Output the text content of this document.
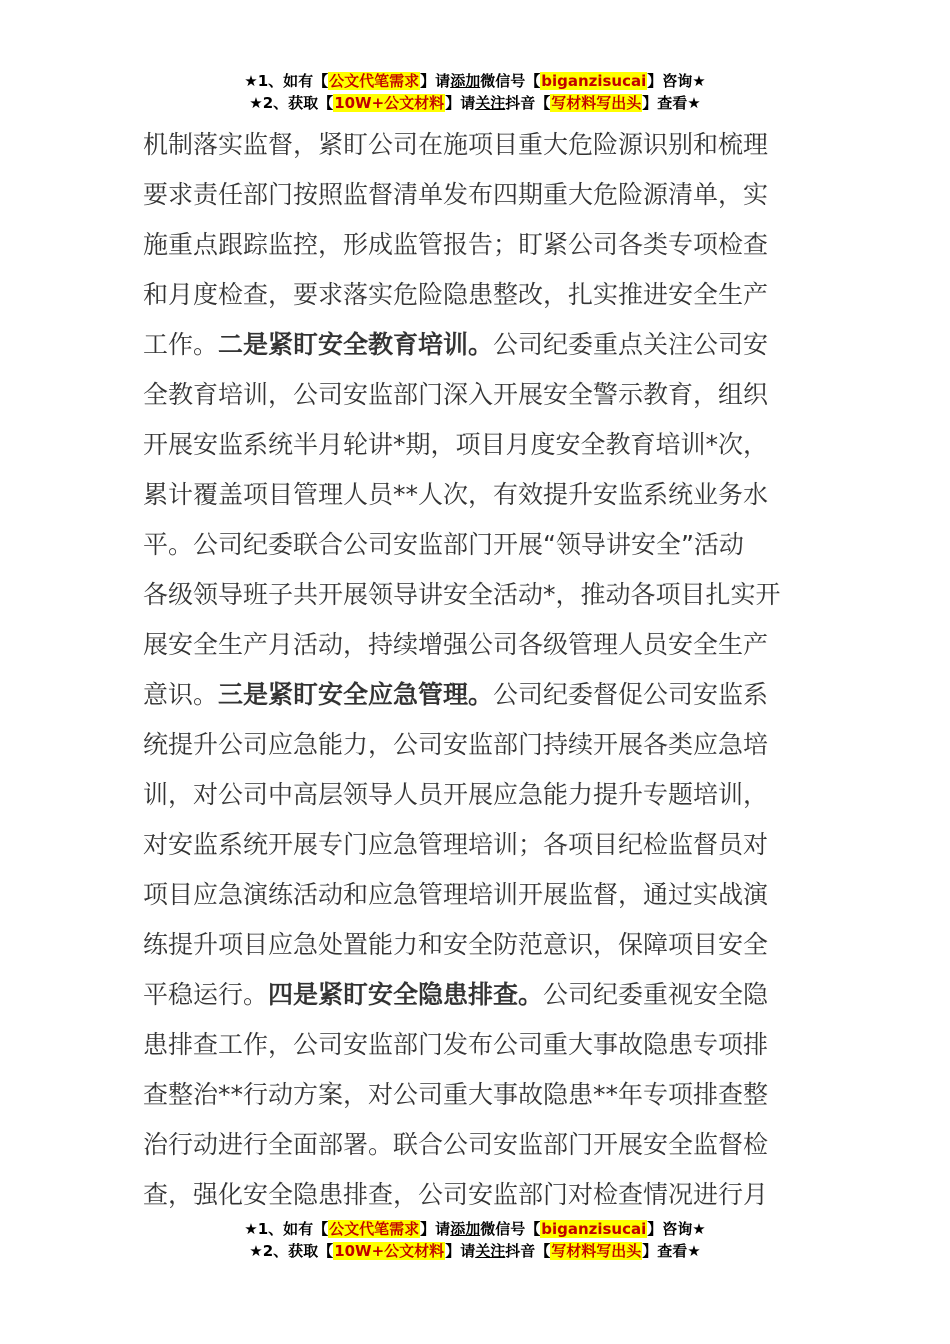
★1、如有【公文代笔需求】请添加微信号【biganzisucai】咨询★
★2、获取【10W+公文材料】请关注抖音【写材料写出头】查看★
机制落实监督，紧盯公司在施项目重大危险源识别和梳理
要求责任部门按照监督清单发布四期重大危险源清单，实
施重点跟踪监控，形成监管报告；盯紧公司各类专项检查
和月度检查，要求落实危险隐患整改，扎实推进安全生产
工作。二是紧盯安全教育培训。公司纪委重点关注公司安
全教育培训，公司安监部门深入开展安全警示教育，组织
开展安监系统半月轮讲*期，项目月度安全教育培训*次，
累计覆盖项目管理人员**人次，有效提升安监系统业务水
平。公司纪委联合公司安监部门开展“领导讲安全”活动
各级领导班子共开展领导讲安全活动*，推动各项目扎实开
展安全生产月活动，持续增强公司各级管理人员安全生产
意识。三是紧盯安全应急管理。公司纪委督促公司安监系
统提升公司应急能力，公司安监部门持续开展各类应急培
训，对公司中高层领导人员开展应急能力提升专题培训，
对安监系统开展专门应急管理培训；各项目纪检监督员对
项目应急演练活动和应急管理培训开展监督，通过实战演
练提升项目应急处置能力和安全防范意识，保障项目安全
平稳运行。四是紧盯安全隐患排查。公司纪委重视安全隐
患排查工作，公司安监部门发布公司重大事故隐患专项排
查整治**行动方案，对公司重大事故隐患**年专项排查整
治行动进行全面部署。联合公司安监部门开展安全监督检
查，强化安全隐患排查，公司安监部门对检查情况进行月
★1、如有【公文代笔需求】请添加微信号【biganzisucai】咨询★
★2、获取【10W+公文材料】请关注抖音【写材料写出头】查看★
